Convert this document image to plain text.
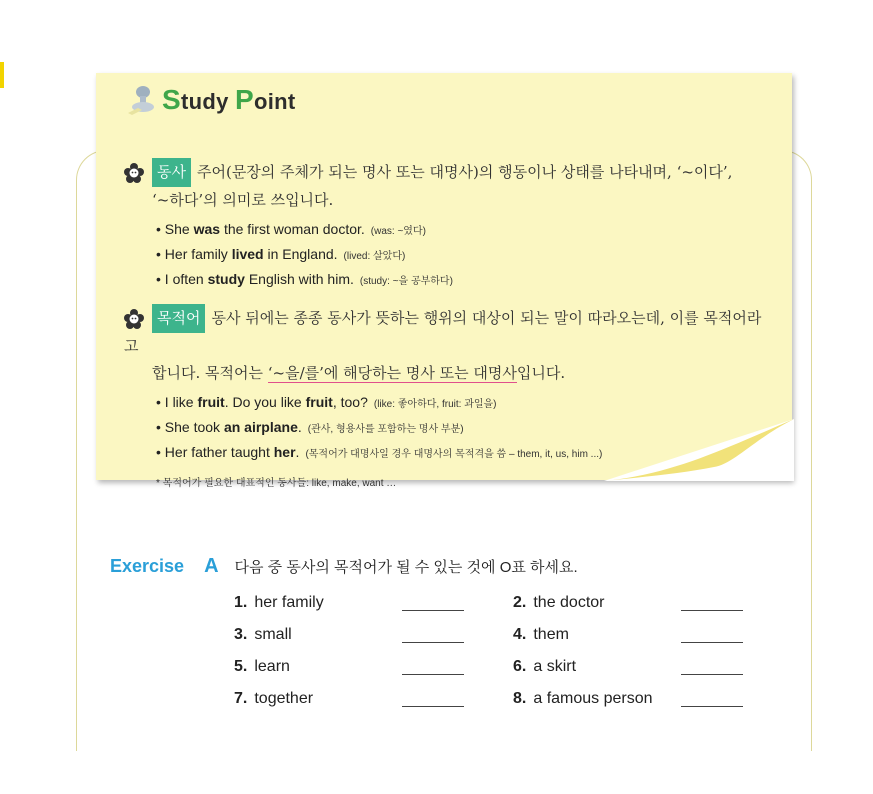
Study Point
동사 주어(문장의 주체가 되는 명사 또는 대명사)의 행동이나 상태를 나타내며, ‘~이다’,
‘~하다’의 의미로 쓰입니다.
• She was the first woman doctor. (was: ~였다)
• Her family lived in England. (lived: 살았다)
• I often study English with him. (study: ~을 공부하다)
목적어 동사 뒤에는 종종 동사가 뜻하는 행위의 대상이 되는 말이 따라오는데, 이를 목적어라고
합니다. 목적어는 ‘~을/를’에 해당하는 명사 또는 대명사입니다.
• I like fruit. Do you like fruit, too? (like: 좋아하다, fruit: 과일을)
• She took an airplane. (관사, 형용사를 포함하는 명사 부분)
• Her father taught her. (목적어가 대명사일 경우 대명사의 목적격을 씀 – them, it, us, him ...)
* 목적어가 필요한 대표적인 동사들: like, make, want …
Exercise A 다음 중 동사의 목적어가 될 수 있는 것에 O표 하세요.
1. her family	2. the doctor
3. small	4. them
5. learn	6. a skirt
7. together	8. a famous person
